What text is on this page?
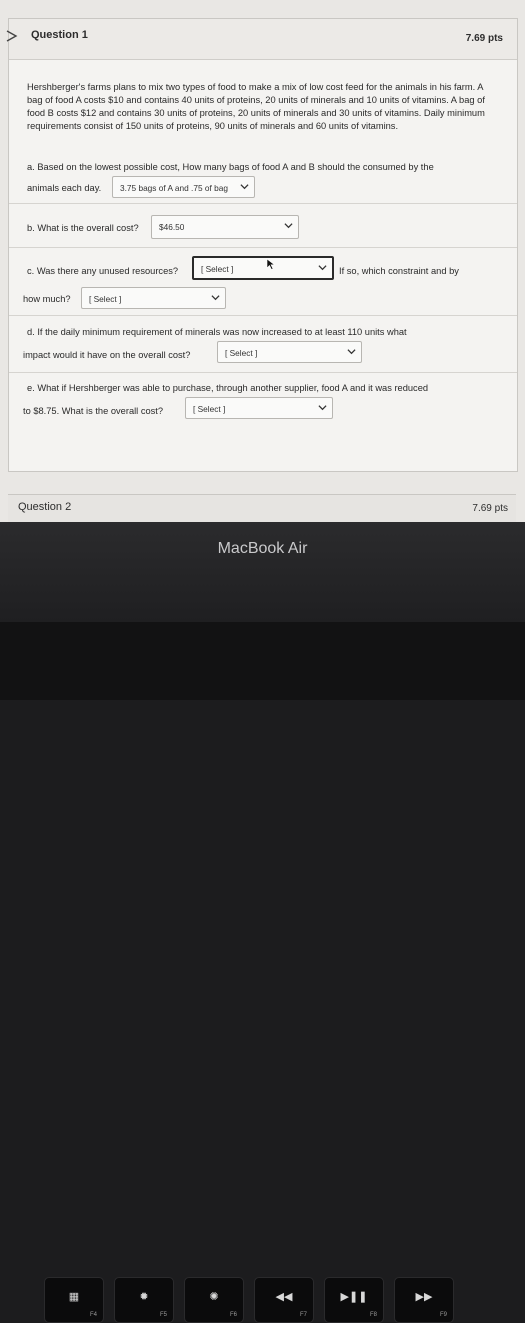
Question 1	7.69 pts
Hershberger's farms plans to mix two types of food to make a mix of low cost feed for the animals in his farm. A bag of food A costs $10 and contains 40 units of proteins, 20 units of minerals and 10 units of vitamins. A bag of food B costs $12 and contains 30 units of proteins, 20 units of minerals and 30 units of vitamins. Daily minimum requirements consist of 150 units of proteins, 90 units of minerals and 60 units of vitamins.
a. Based on the lowest possible cost, How many bags of food A and B should the consumed by the
animals each day. 3.75 bags of A and .75 of bag
b. What is the overall cost? $46.50
c. Was there any unused resources?	[ Select ]	If so, which constraint and by
how much? [ Select ]
d. If the daily minimum requirement of minerals was now increased to at least 110 units what
impact would it have on the overall cost?	[ Select ]
e. What if Hershberger was able to purchase, through another supplier, food A and it was reduced
to $8.75. What is the overall cost?	[ Select ]
Question 2	7.69 pts
MacBook Air
▦
F4
✹
F5
✺
F6
◀◀
F7
▶❚❚
F8
▶▶
F9
